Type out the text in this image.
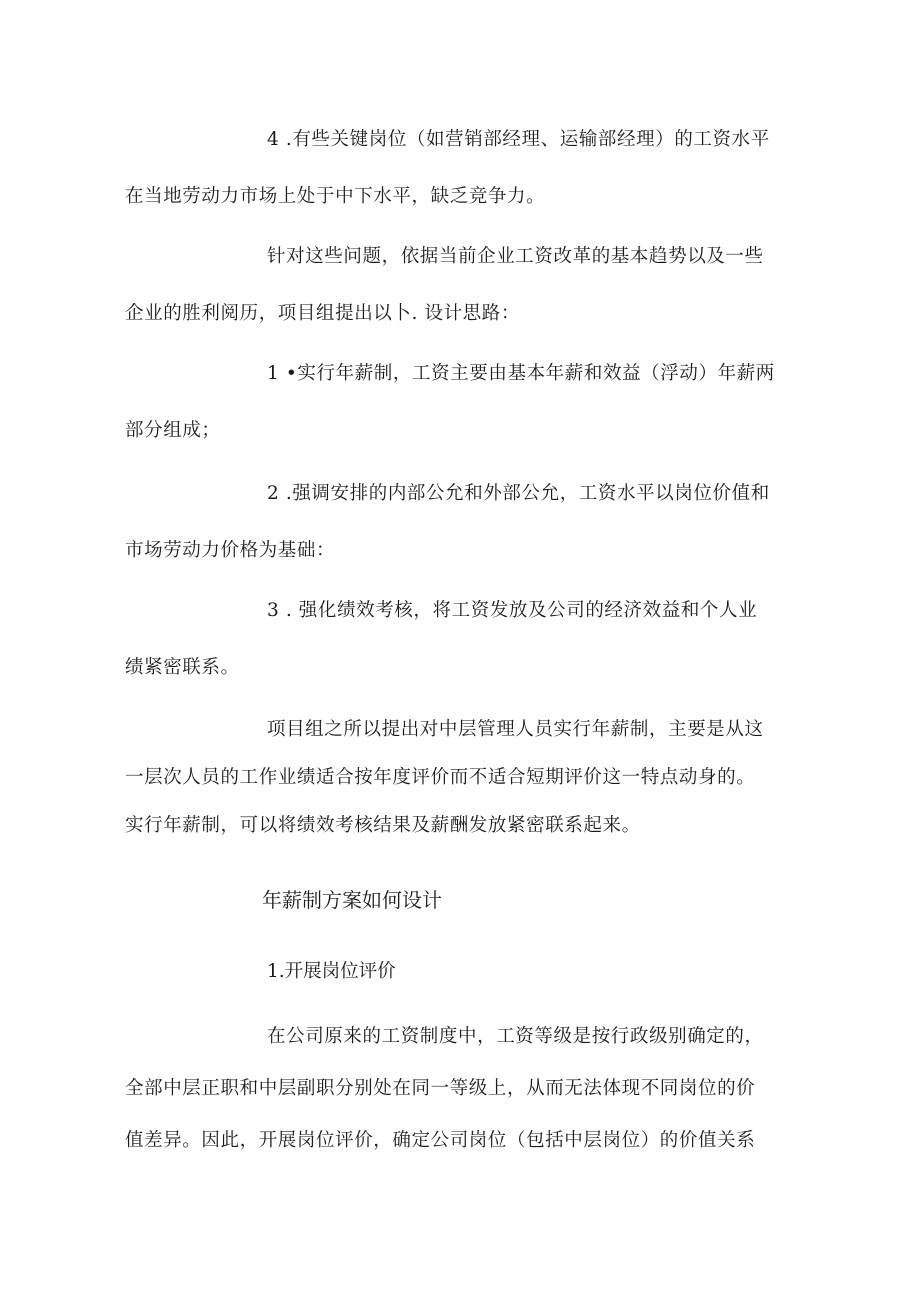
4 .有些关键岗位（如营销部经理、运输部经理）的工资水平
在当地劳动力市场上处于中下水平，缺乏竞争力。
针对这些问题，依据当前企业工资改革的基本趋势以及一些
企业的胜利阅历，项目组提出以卜. 设计思路：
1 •实行年薪制，工资主要由基本年薪和效益（浮动）年薪两
部分组成；
2 .强调安排的内部公允和外部公允，工资水平以岗位价值和
市场劳动力价格为基础：
3 . 强化绩效考核，将工资发放及公司的经济效益和个人业
绩紧密联系。
项目组之所以提出对中层管理人员实行年薪制，主要是从这
一层次人员的工作业绩适合按年度评价而不适合短期评价这一特点动身的。
实行年薪制，可以将绩效考核结果及薪酬发放紧密联系起来。
年薪制方案如何设计
1.开展岗位评价
在公司原来的工资制度中，工资等级是按行政级别确定的，
全部中层正职和中层副职分别处在同一等级上，从而无法体现不同岗位的价
值差异。因此，开展岗位评价，确定公司岗位（包括中层岗位）的价值关系
